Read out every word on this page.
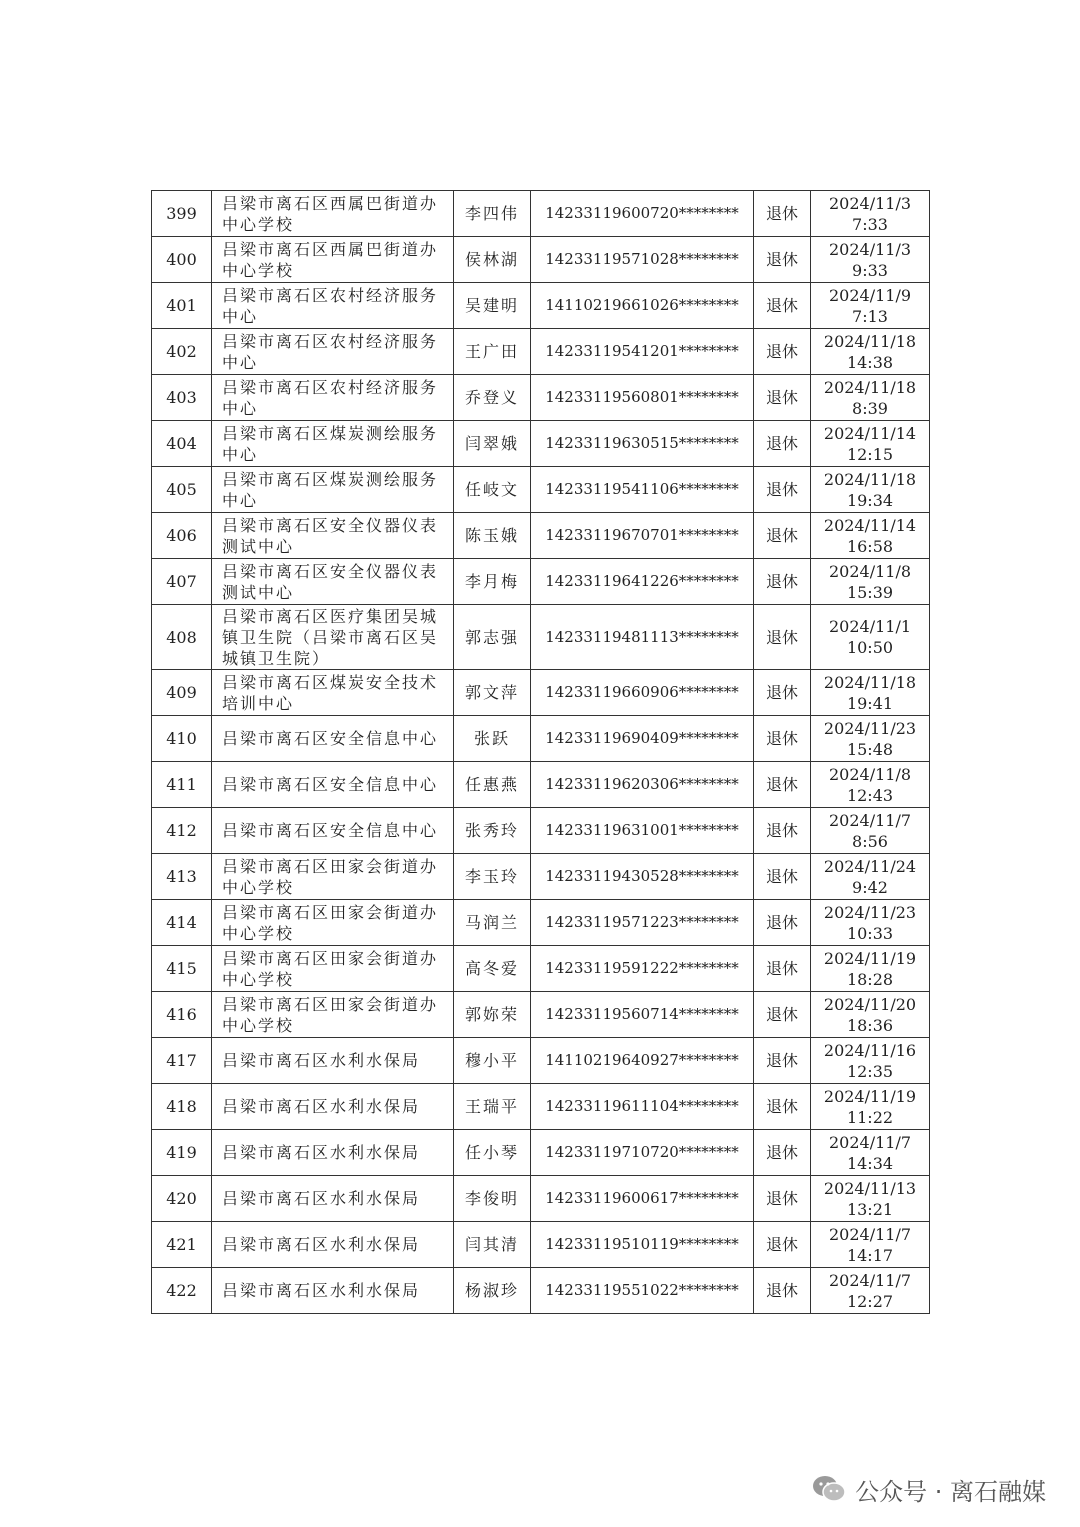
399	吕梁市离石区西属巴街道办中心学校	李四伟	14233119600720********	退休	2024/11/3
7:33

400	吕梁市离石区西属巴街道办中心学校	侯林湖	14233119571028********	退休	2024/11/3
9:33

401	吕梁市离石区农村经济服务中心	吴建明	14110219661026********	退休	2024/11/9
7:13

402	吕梁市离石区农村经济服务中心	王广田	14233119541201********	退休	2024/11/18
14:38

403	吕梁市离石区农村经济服务中心	乔登义	14233119560801********	退休	2024/11/18
8:39

404	吕梁市离石区煤炭测绘服务中心	闫翠娥	14233119630515********	退休	2024/11/14
12:15

405	吕梁市离石区煤炭测绘服务中心	任岐文	14233119541106********	退休	2024/11/18
19:34

406	吕梁市离石区安全仪器仪表测试中心	陈玉娥	14233119670701********	退休	2024/11/14
16:58

407	吕梁市离石区安全仪器仪表测试中心	李月梅	14233119641226********	退休	2024/11/8
15:39

408	吕梁市离石区医疗集团吴城镇卫生院（吕梁市离石区吴城镇卫生院）	郭志强	14233119481113********	退休	2024/11/1
10:50

409	吕梁市离石区煤炭安全技术培训中心	郭文萍	14233119660906********	退休	2024/11/18
19:41

410	吕梁市离石区安全信息中心	张跃	14233119690409********	退休	2024/11/23
15:48

411	吕梁市离石区安全信息中心	任惠燕	14233119620306********	退休	2024/11/8
12:43

412	吕梁市离石区安全信息中心	张秀玲	14233119631001********	退休	2024/11/7
8:56

413	吕梁市离石区田家会街道办中心学校	李玉玲	14233119430528********	退休	2024/11/24
9:42

414	吕梁市离石区田家会街道办中心学校	马润兰	14233119571223********	退休	2024/11/23
10:33

415	吕梁市离石区田家会街道办中心学校	高冬爱	14233119591222********	退休	2024/11/19
18:28

416	吕梁市离石区田家会街道办中心学校	郭妳荣	14233119560714********	退休	2024/11/20
18:36

417	吕梁市离石区水利水保局	穆小平	14110219640927********	退休	2024/11/16
12:35

418	吕梁市离石区水利水保局	王瑞平	14233119611104********	退休	2024/11/19
11:22

419	吕梁市离石区水利水保局	任小琴	14233119710720********	退休	2024/11/7
14:34

420	吕梁市离石区水利水保局	李俊明	14233119600617********	退休	2024/11/13
13:21

421	吕梁市离石区水利水保局	闫其清	14233119510119********	退休	2024/11/7
14:17

422	吕梁市离石区水利水保局	杨淑珍	14233119551022********	退休	2024/11/7
12:27
公众号 · 离石融媒
